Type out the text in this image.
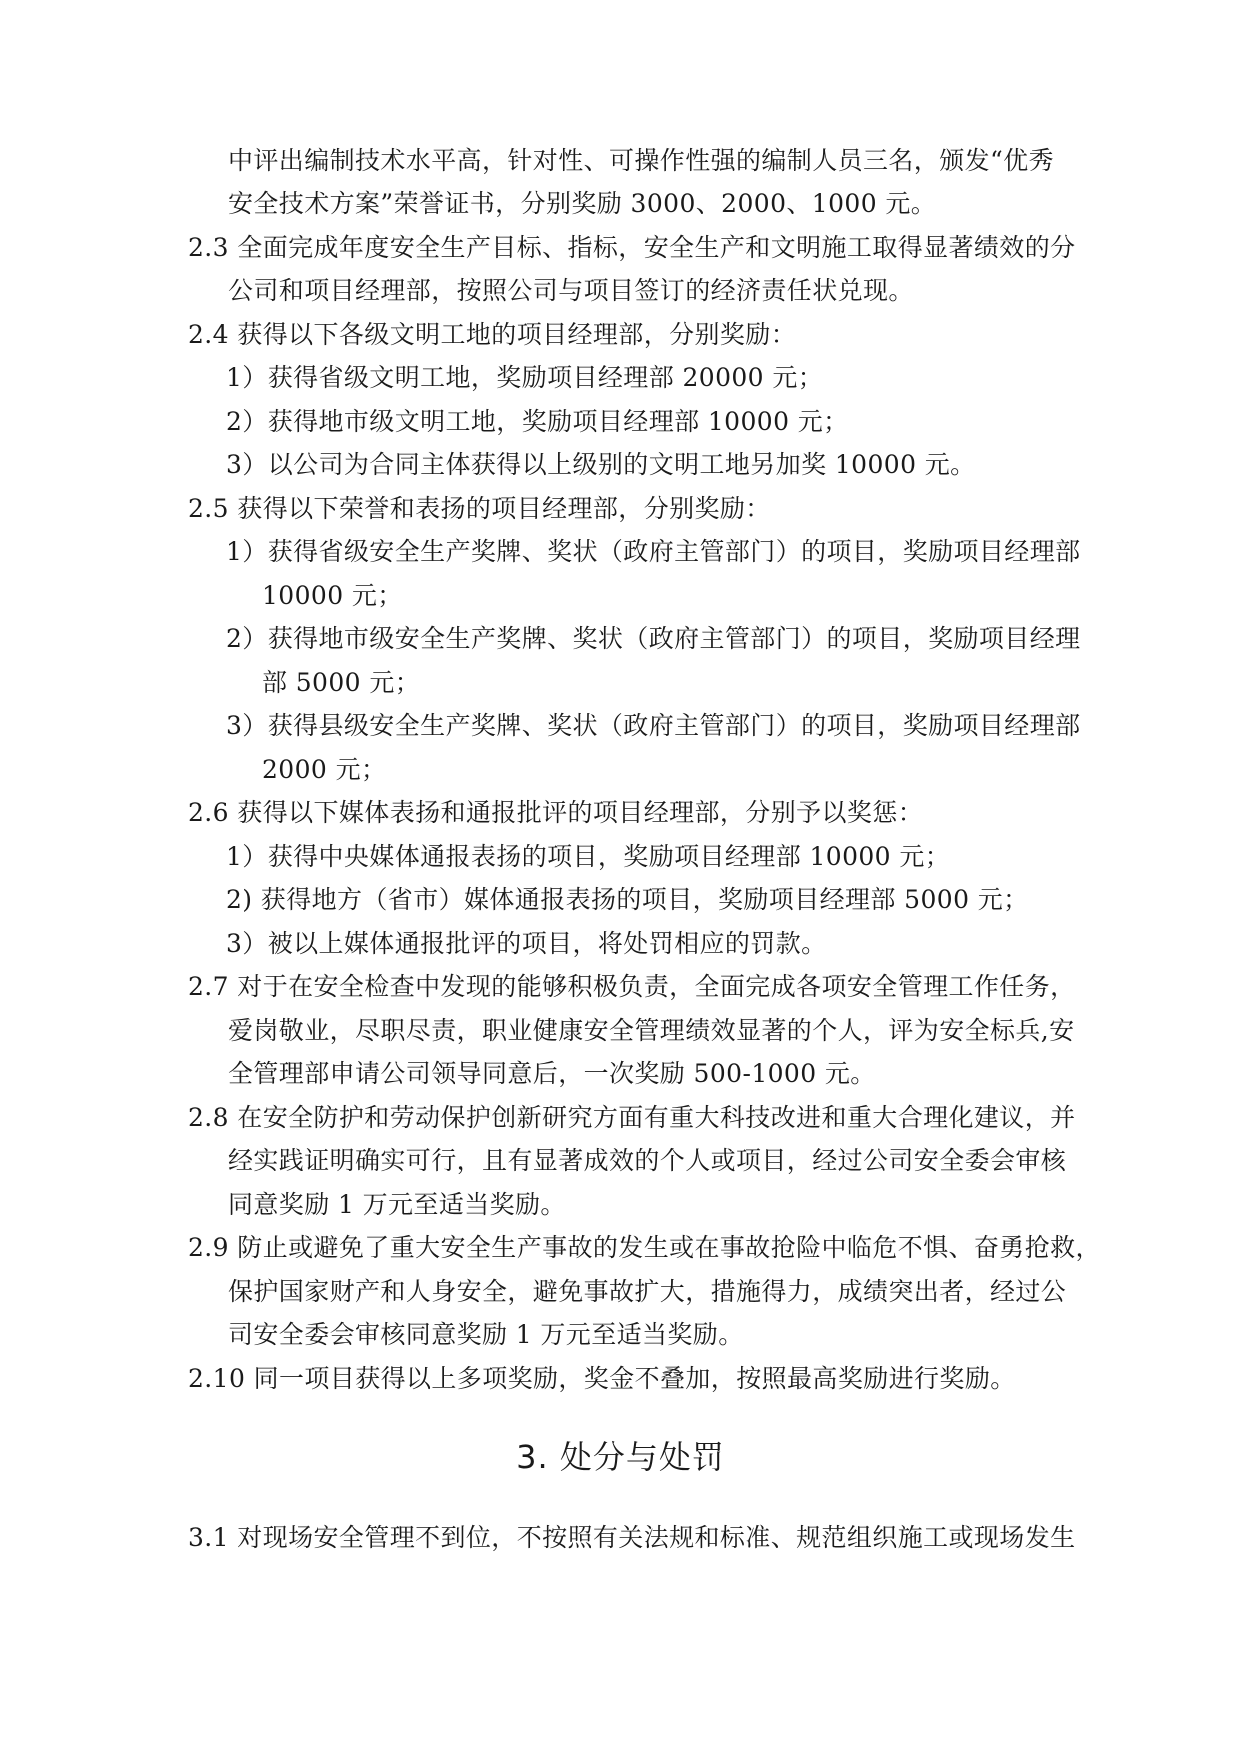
中评出编制技术水平高，针对性、可操作性强的编制人员三名，颁发“优秀
安全技术方案”荣誉证书，分别奖励 3000、2000、1000 元。
2.3 全面完成年度安全生产目标、指标，安全生产和文明施工取得显著绩效的分
公司和项目经理部，按照公司与项目签订的经济责任状兑现。
2.4 获得以下各级文明工地的项目经理部，分别奖励：
1）获得省级文明工地，奖励项目经理部 20000 元；
2）获得地市级文明工地，奖励项目经理部 10000 元；
3）以公司为合同主体获得以上级别的文明工地另加奖 10000 元。
2.5 获得以下荣誉和表扬的项目经理部，分别奖励：
1）获得省级安全生产奖牌、奖状（政府主管部门）的项目，奖励项目经理部
10000 元；
2）获得地市级安全生产奖牌、奖状（政府主管部门）的项目，奖励项目经理
部 5000 元；
3）获得县级安全生产奖牌、奖状（政府主管部门）的项目，奖励项目经理部
2000 元；
2.6 获得以下媒体表扬和通报批评的项目经理部，分别予以奖惩：
1）获得中央媒体通报表扬的项目，奖励项目经理部 10000 元；
2) 获得地方（省市）媒体通报表扬的项目，奖励项目经理部 5000 元；
3）被以上媒体通报批评的项目，将处罚相应的罚款。
2.7 对于在安全检查中发现的能够积极负责，全面完成各项安全管理工作任务，
爱岗敬业，尽职尽责，职业健康安全管理绩效显著的个人，评为安全标兵,安
全管理部申请公司领导同意后，一次奖励 500-1000 元。
2.8 在安全防护和劳动保护创新研究方面有重大科技改进和重大合理化建议，并
经实践证明确实可行，且有显著成效的个人或项目，经过公司安全委会审核
同意奖励 1 万元至适当奖励。
2.9 防止或避免了重大安全生产事故的发生或在事故抢险中临危不惧、奋勇抢救，
保护国家财产和人身安全，避免事故扩大，措施得力，成绩突出者，经过公
司安全委会审核同意奖励 1 万元至适当奖励。
2.10 同一项目获得以上多项奖励，奖金不叠加，按照最高奖励进行奖励。
3. 处分与处罚
3.1 对现场安全管理不到位，不按照有关法规和标准、规范组织施工或现场发生
